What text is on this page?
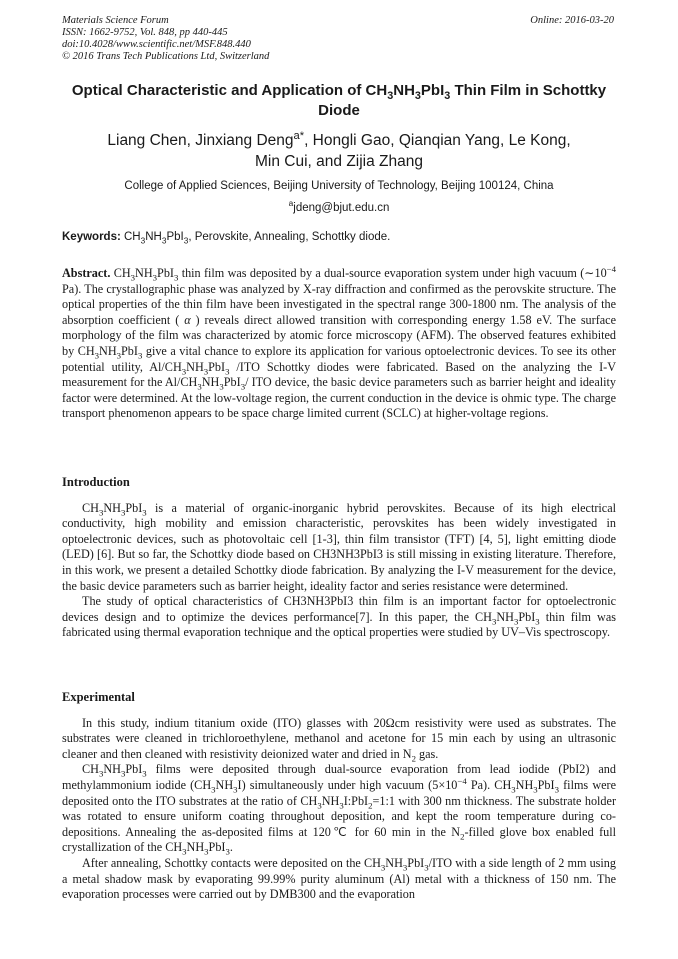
Materials Science Forum
ISSN: 1662-9752, Vol. 848, pp 440-445
doi:10.4028/www.scientific.net/MSF.848.440
© 2016 Trans Tech Publications Ltd, Switzerland
Online: 2016-03-20
Optical Characteristic and Application of $CH_3NH_3PbI_3$ Thin Film in Schottky Diode
Liang Chen, Jinxiang Deng$^{a*}$, Hongli Gao, Qianqian Yang, Le Kong,
Min Cui, and Zijia Zhang
College of Applied Sciences, Beijing University of Technology, Beijing 100124, China
$^a$jdeng@bjut.edu.cn
Keywords: $CH_3NH_3PbI_3$, Perovskite, Annealing, Schottky diode.

Abstract. $CH_3NH_3PbI_3$ thin film was deposited by a dual-source evaporation system under high vacuum ($\sim 10^{-4}$ Pa). The crystallographic phase was analyzed by X-ray diffraction and confirmed as the perovskite structure. The optical properties of the thin film have been investigated in the spectral range 300-1800 nm. The analysis of the absorption coefficient ( α ) reveals direct allowed transition with corresponding energy 1.58 eV. The surface morphology of the film was characterized by atomic force microscopy (AFM). The observed features exhibited by $CH_3NH_3PbI_3$ give a vital chance to explore its application for various optoelectronic devices. To see its other potential utility, $Al/CH_3NH_3PbI_3$ /ITO Schottky diodes were fabricated. Based on the analyzing the I-V measurement for the $Al/CH_3NH_3PbI_3/$ ITO device, the basic device parameters such as barrier height and ideality factor were determined. At the low-voltage region, the current conduction in the device is ohmic type. The charge transport phenomenon appears to be space charge limited current (SCLC) at higher-voltage regions.

Introduction

$CH_3NH_3PbI_3$ is a material of organic-inorganic hybrid perovskites. Because of its high electrical conductivity, high mobility and emission characteristic, perovskites has been widely investigated in optoelectronic devices, such as photovoltaic cell [1-3], thin film transistor (TFT) [4, 5], light emitting diode (LED) [6]. But so far, the Schottky diode based on CH3NH3PbI3 is still missing in existing literature. Therefore, in this work, we present a detailed Schottky diode fabrication. By analyzing the I-V measurement for the device, the basic device parameters such as barrier height, ideality factor and series resistance were determined.

The study of optical characteristics of CH3NH3PbI3 thin film is an important factor for optoelectronic devices design and to optimize the devices performance[7]. In this paper, the $CH_3NH_3PbI_3$ thin film was fabricated using thermal evaporation technique and the optical properties were studied by UV–Vis spectroscopy.

Experimental

In this study, indium titanium oxide (ITO) glasses with 20Ωcm resistivity were used as substrates. The substrates were cleaned in trichloroethylene, methanol and acetone for 15 min each by using an ultrasonic cleaner and then cleaned with resistivity deionized water and dried in $N_2$ gas.

$CH_3NH_3PbI_3$ films were deposited through dual-source evaporation from lead iodide (PbI2) and methylammonium iodide $(CH_3NH_3I)$ simultaneously under high vacuum ($5\times 10^{-4}$ Pa). $CH_3NH_3PbI_3$ films were deposited onto the ITO substrates at the ratio of $CH_3NH_3I:PbI_2=1:1$ with 300 nm thickness. The substrate holder was rotated to ensure uniform coating throughout deposition, and kept the room temperature during co-depositions. Annealing the as-deposited films at 120℃ for 60 min in the $N_2$-filled glove box enabled full crystallization of the $CH_3NH_3PbI_3$.

After annealing, Schottky contacts were deposited on the $CH_3NH_3PbI_3$/ITO with a side length of 2 mm using a metal shadow mask by evaporating 99.99% purity aluminum (Al) metal with a thickness of 150 nm. The evaporation processes were carried out by DMB300 and the evaporation
